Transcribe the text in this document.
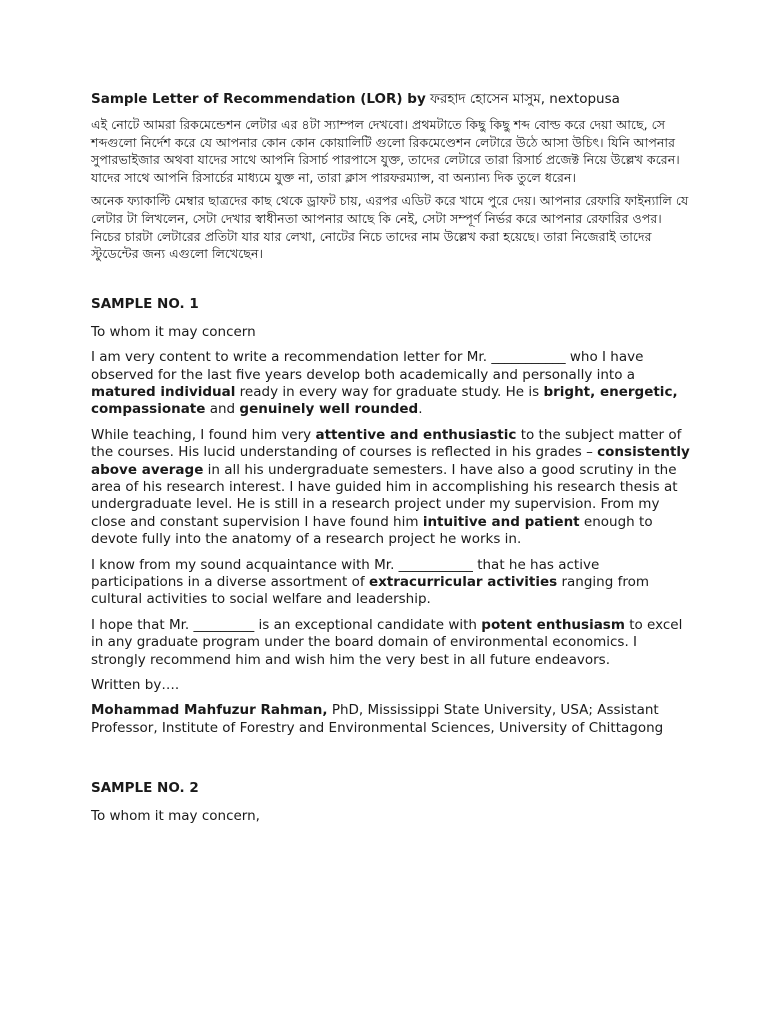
Sample Letter of Recommendation (LOR) by ফরহাদ হোসেন মাসুম, nextopusa

এই নোটে আমরা রিকমেন্ডেশন লেটার এর ৪টা স্যাম্পল দেখবো। প্রথমটাতে কিছু কিছু শব্দ বোল্ড করে দেয়া আছে, সে শব্দগুলো নির্দেশ করে যে আপনার কোন কোন কোয়ালিটি গুলো রিকমেণ্ডেশন লেটারে উঠে আসা উচিৎ। যিনি আপনার সুপারভাইজার অথবা যাদের সাথে আপনি রিসার্চ পারপাসে যুক্ত, তাদের লেটারে তারা রিসার্চ প্রজেক্ট নিয়ে উল্লেখ করেন। যাদের সাথে আপনি রিসার্চের মাধ্যমে যুক্ত না, তারা ক্লাস পারফরম্যান্স, বা অন্যান্য দিক তুলে ধরেন।

অনেক ফ্যাকাল্টি মেম্বার ছাত্রদের কাছ থেকে ড্রাফট চায়, এরপর এডিট করে খামে পুরে দেয়। আপনার রেফারি ফাইন্যালি যে লেটার টা লিখলেন, সেটা দেখার স্বাধীনতা আপনার আছে কি নেই, সেটা সম্পূর্ণ নির্ভর করে আপনার রেফারির ওপর। নিচের চারটা লেটারের প্রতিটা যার যার লেখা, নোটের নিচে তাদের নাম উল্লেখ করা হয়েছে। তারা নিজেরাই তাদের স্টুডেন্টের জন্য এগুলো লিখেছেন।

SAMPLE NO. 1

To whom it may concern

I am very content to write a recommendation letter for Mr. ___________ who I have observed for the last five years develop both academically and personally into a matured individual ready in every way for graduate study. He is bright, energetic, compassionate and genuinely well rounded.

While teaching, I found him very attentive and enthusiastic to the subject matter of the courses. His lucid understanding of courses is reflected in his grades – consistently above average in all his undergraduate semesters. I have also a good scrutiny in the area of his research interest. I have guided him in accomplishing his research thesis at undergraduate level. He is still in a research project under my supervision. From my close and constant supervision I have found him intuitive and patient enough to devote fully into the anatomy of a research project he works in.

I know from my sound acquaintance with Mr. ___________ that he has active participations in a diverse assortment of extracurricular activities ranging from cultural activities to social welfare and leadership.

I hope that Mr. _________ is an exceptional candidate with potent enthusiasm to excel in any graduate program under the board domain of environmental economics. I strongly recommend him and wish him the very best in all future endeavors.

Written by….

Mohammad Mahfuzur Rahman, PhD, Mississippi State University, USA; Assistant Professor, Institute of Forestry and Environmental Sciences, University of Chittagong

SAMPLE NO. 2

To whom it may concern,
